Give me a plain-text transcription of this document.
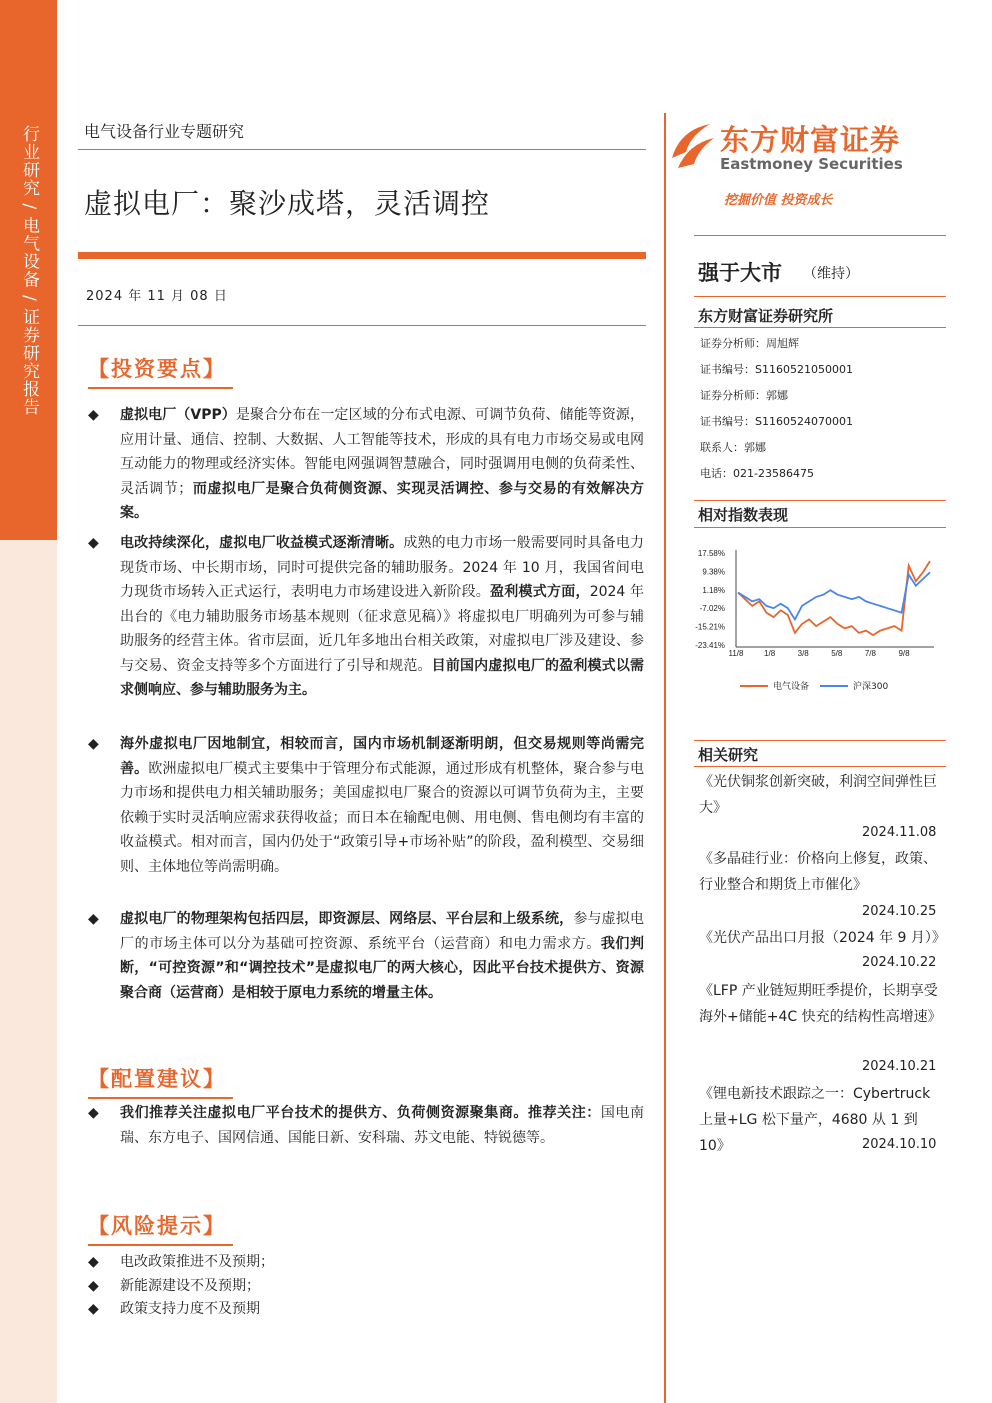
行业研究 / 电气设备 / 证券研究报告	电气设备行业专题研究
虚拟电厂：聚沙成塔，灵活调控
2024 年 11 月 08 日
【投资要点】
◆	虚拟电厂（VPP）是聚合分布在一定区域的分布式电源、可调节负荷、储能等资源，应用计量、通信、控制、大数据、人工智能等技术，形成的具有电力市场交易或电网互动能力的物理或经济实体。智能电网强调智慧融合，同时强调用电侧的负荷柔性、灵活调节；而虚拟电厂是聚合负荷侧资源、实现灵活调控、参与交易的有效解决方案。
◆	电改持续深化，虚拟电厂收益模式逐渐清晰。成熟的电力市场一般需要同时具备电力现货市场、中长期市场，同时可提供完备的辅助服务。2024 年 10 月，我国省间电力现货市场转入正式运行，表明电力市场建设进入新阶段。盈利模式方面，2024 年出台的《电力辅助服务市场基本规则（征求意见稿）》将虚拟电厂明确列为可参与辅助服务的经营主体。省市层面，近几年多地出台相关政策，对虚拟电厂涉及建设、参与交易、资金支持等多个方面进行了引导和规范。目前国内虚拟电厂的盈利模式以需求侧响应、参与辅助服务为主。
◆	海外虚拟电厂因地制宜，相较而言，国内市场机制逐渐明朗，但交易规则等尚需完善。欧洲虚拟电厂模式主要集中于管理分布式能源，通过形成有机整体，聚合参与电力市场和提供电力相关辅助服务；美国虚拟电厂聚合的资源以可调节负荷为主，主要依赖于实时灵活响应需求获得收益；而日本在输配电侧、用电侧、售电侧均有丰富的收益模式。相对而言，国内仍处于“政策引导+市场补贴”的阶段，盈利模型、交易细则、主体地位等尚需明确。
◆	虚拟电厂的物理架构包括四层，即资源层、网络层、平台层和上级系统，参与虚拟电厂的市场主体可以分为基础可控资源、系统平台（运营商）和电力需求方。我们判断，“可控资源”和“调控技术”是虚拟电厂的两大核心，因此平台技术提供方、资源聚合商（运营商）是相较于原电力系统的增量主体。
【配置建议】
◆	我们推荐关注虚拟电厂平台技术的提供方、负荷侧资源聚集商。推荐关注：国电南瑞、东方电子、国网信通、国能日新、安科瑞、苏文电能、特锐德等。
【风险提示】
◆	电改政策推进不及预期；
◆	新能源建设不及预期；
◆	政策支持力度不及预期
东方财富证券
Eastmoney Securities
挖掘价值 投资成长
强于大市 （维持）
东方财富证券研究所
证券分析师：周旭辉
证书编号：S1160521050001
证券分析师：郭娜
证书编号：S1160524070001
联系人：郭娜
电话：021-23586475
相对指数表现
17.58%
9.38%
1.18%
-7.02%
-15.21%
-23.41%
11/8	1/8	3/8	5/8	7/8	9/8
电气设备	沪深300
相关研究
《光伏铜浆创新突破，利润空间弹性巨大》
2024.11.08
《多晶硅行业：价格向上修复，政策、行业整合和期货上市催化》
2024.10.25
《光伏产品出口月报（2024 年 9 月）》
2024.10.22
《LFP 产业链短期旺季提价，长期享受海外+储能+4C 快充的结构性高增速》
2024.10.21
《锂电新技术跟踪之一：Cybertruck 上量+LG 松下量产，4680 从 1 到 10》	2024.10.10
